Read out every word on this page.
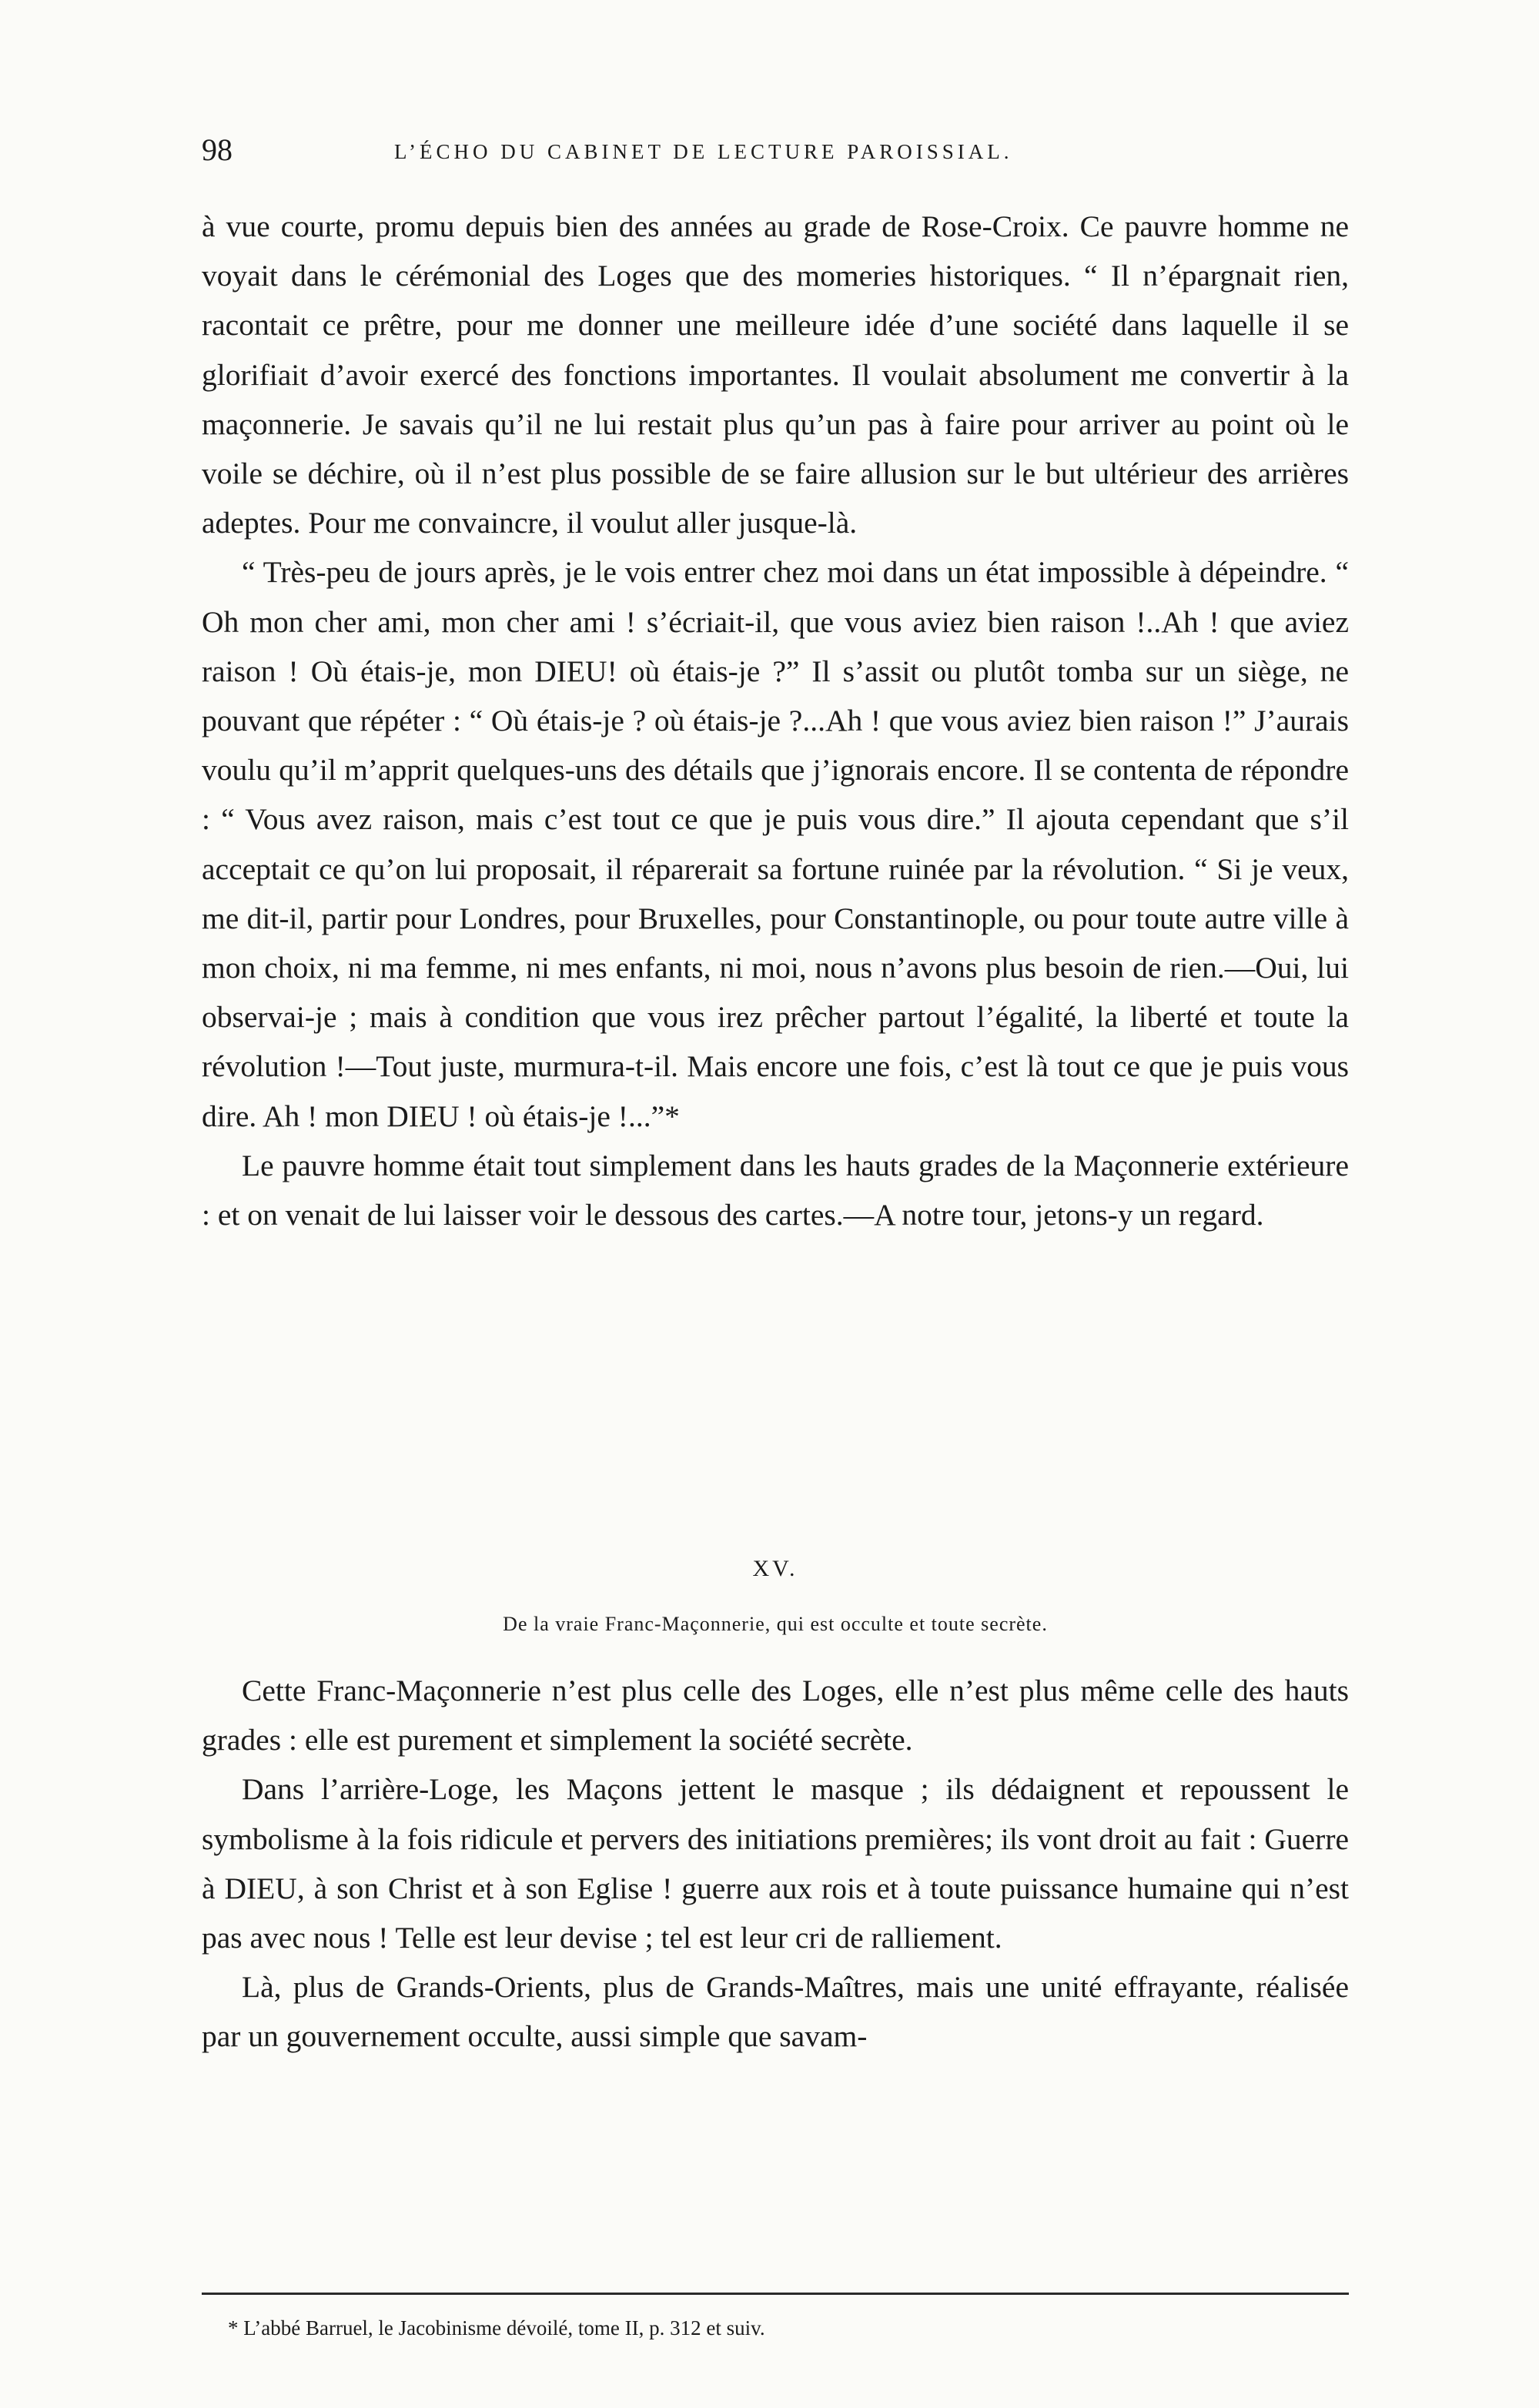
98	L’ÉCHO DU CABINET DE LECTURE PAROISSIAL.

à vue courte, promu depuis bien des années au grade de Rose-Croix. Ce pauvre homme ne voyait dans le cérémonial des Loges que des momeries historiques. “ Il n’épargnait rien, racontait ce prêtre, pour me donner une meilleure idée d’une société dans laquelle il se glorifiait d’avoir exercé des fonctions importantes. Il voulait absolument me convertir à la maçonnerie. Je savais qu’il ne lui restait plus qu’un pas à faire pour arriver au point où le voile se déchire, où il n’est plus possible de se faire allusion sur le but ultérieur des arrières adeptes. Pour me convaincre, il voulut aller jusque-là.

“ Très-peu de jours après, je le vois entrer chez moi dans un état impossible à dépeindre. “ Oh mon cher ami, mon cher ami ! s’écriait-il, que vous aviez bien raison !..Ah ! que aviez raison ! Où étais-je, mon DIEU! où étais-je ?” Il s’assit ou plutôt tomba sur un siège, ne pouvant que répéter : “ Où étais-je ? où étais-je ?...Ah ! que vous aviez bien raison !” J’aurais voulu qu’il m’apprit quelques-uns des détails que j’ignorais encore. Il se contenta de répondre : “ Vous avez raison, mais c’est tout ce que je puis vous dire.” Il ajouta cependant que s’il acceptait ce qu’on lui proposait, il réparerait sa fortune ruinée par la révolution. “ Si je veux, me dit-il, partir pour Londres, pour Bruxelles, pour Constantinople, ou pour toute autre ville à mon choix, ni ma femme, ni mes enfants, ni moi, nous n’avons plus besoin de rien.—Oui, lui observai-je ; mais à condition que vous irez prêcher partout l’égalité, la liberté et toute la révolution !—Tout juste, murmura-t-il. Mais encore une fois, c’est là tout ce que je puis vous dire. Ah ! mon DIEU ! où étais-je !...”*

Le pauvre homme était tout simplement dans les hauts grades de la Maçonnerie extérieure : et on venait de lui laisser voir le dessous des cartes.—A notre tour, jetons-y un regard.

XV.
De la vraie Franc-Maçonnerie, qui est occulte et toute secrète.

Cette Franc-Maçonnerie n’est plus celle des Loges, elle n’est plus même celle des hauts grades : elle est purement et simplement la société secrète.

Dans l’arrière-Loge, les Maçons jettent le masque ; ils dédaignent et repoussent le symbolisme à la fois ridicule et pervers des initiations premières; ils vont droit au fait : Guerre à DIEU, à son Christ et à son Eglise ! guerre aux rois et à toute puissance humaine qui n’est pas avec nous ! Telle est leur devise ; tel est leur cri de ralliement.

Là, plus de Grands-Orients, plus de Grands-Maîtres, mais une unité effrayante, réalisée par un gouvernement occulte, aussi simple que savam-

* L’abbé Barruel, le Jacobinisme dévoilé, tome II, p. 312 et suiv.
